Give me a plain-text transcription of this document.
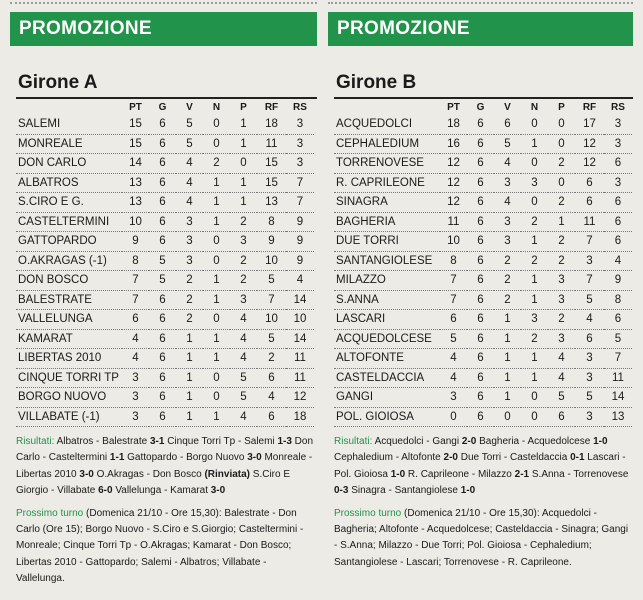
PROMOZIONE
Girone A
	PT	G	V	N	P	RF	RS
SALEMI	15	6	5	0	1	18	3
MONREALE	15	6	5	0	1	11	3
DON CARLO	14	6	4	2	0	15	3
ALBATROS	13	6	4	1	1	15	7
S.CIRO E G.	13	6	4	1	1	13	7
CASTELTERMINI	10	6	3	1	2	8	9
GATTOPARDO	9	6	3	0	3	9	9
O.AKRAGAS (-1)	8	5	3	0	2	10	9
DON BOSCO	7	5	2	1	2	5	4
BALESTRATE	7	6	2	1	3	7	14
VALLELUNGA	6	6	2	0	4	10	10
KAMARAT	4	6	1	1	4	5	14
LIBERTAS 2010	4	6	1	1	4	2	11
CINQUE TORRI TP	3	6	1	0	5	6	11
BORGO NUOVO	3	6	1	0	5	4	12
VILLABATE (-1)	3	6	1	1	4	6	18

Risultati: Albatros - Balestrate 3-1 Cinque Torri Tp - Salemi 1-3 Don Carlo - Casteltermini 1-1 Gattopardo - Borgo Nuovo 3-0 Monreale - Libertas 2010 3-0 O.Akragas - Don Bosco (Rinviata) S.Ciro E Giorgio - Villabate 6-0 Vallelunga - Kamarat 3-0

Prossimo turno (Domenica 21/10 - Ore 15,30): Balestrate - Don Carlo (Ore 15); Borgo Nuovo - S.Ciro e S.Giorgio; Casteltermini - Monreale; Cinque Torri Tp - O.Akragas; Kamarat - Don Bosco; Libertas 2010 - Gattopardo; Salemi - Albatros; Villabate - Vallelunga.

PROMOZIONE
Girone B
	PT	G	V	N	P	RF	RS
ACQUEDOLCI	18	6	6	0	0	17	3
CEPHALEDIUM	16	6	5	1	0	12	3
TORRENOVESE	12	6	4	0	2	12	6
R. CAPRILEONE	12	6	3	3	0	6	3
SINAGRA	12	6	4	0	2	6	6
BAGHERIA	11	6	3	2	1	11	6
DUE TORRI	10	6	3	1	2	7	6
SANTANGIOLESE	8	6	2	2	2	3	4
MILAZZO	7	6	2	1	3	7	9
S.ANNA	7	6	2	1	3	5	8
LASCARI	6	6	1	3	2	4	6
ACQUEDOLCESE	5	6	1	2	3	6	5
ALTOFONTE	4	6	1	1	4	3	7
CASTELDACCIA	4	6	1	1	4	3	11
GANGI	3	6	1	0	5	5	14
POL. GIOIOSA	0	6	0	0	6	3	13

Risultati: Acquedolci - Gangi 2-0 Bagheria - Acquedolcese 1-0 Cephaledium - Altofonte 2-0 Due Torri - Casteldaccia 0-1 Lascari - Pol. Gioiosa 1-0 R. Caprileone - Milazzo 2-1 S.Anna - Torrenovese 0-3 Sinagra - Santangiolese 1-0

Prossimo turno (Domenica 21/10 - Ore 15,30): Acquedolci - Bagheria; Altofonte - Acquedolcese; Casteldaccia - Sinagra; Gangi - S.Anna; Milazzo - Due Torri; Pol. Gioiosa - Cephaledium; Santangiolese - Lascari; Torrenovese - R. Caprileone.
